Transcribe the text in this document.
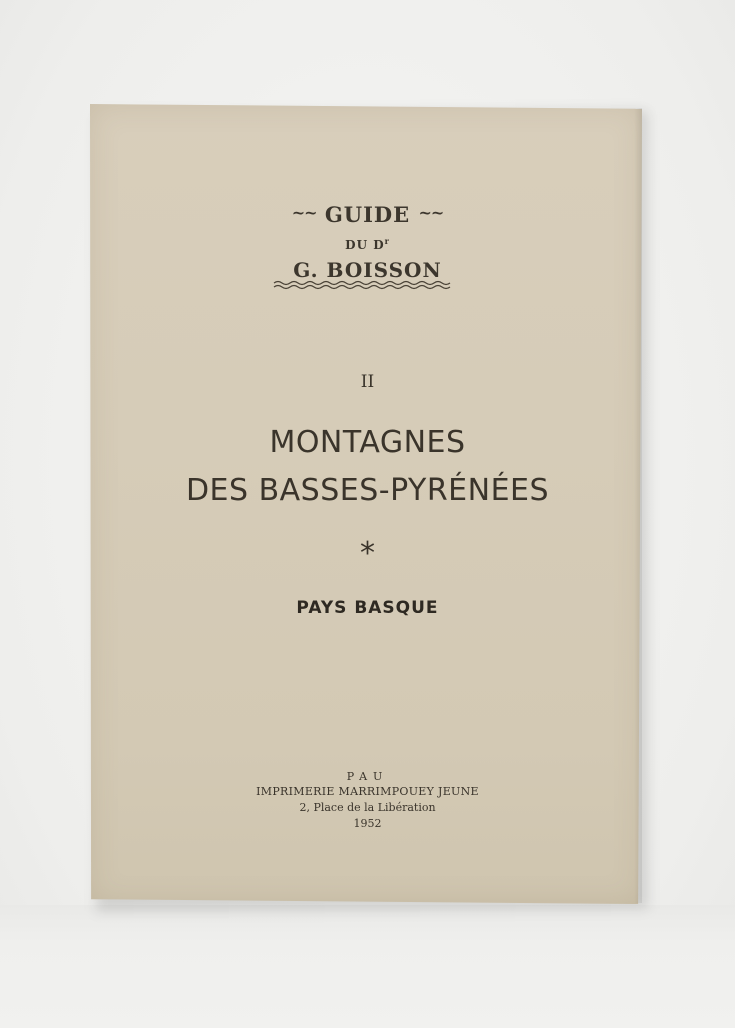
~~ GUIDE ~~
DU $D^r$
G. BOISSON
II
MONTAGNES
DES BASSES-PYRÉNÉES
*
PAYS BASQUE
PAU
IMPRIMERIE MARRIMPOUEY JEUNE
2, Place de la Libération
1952
